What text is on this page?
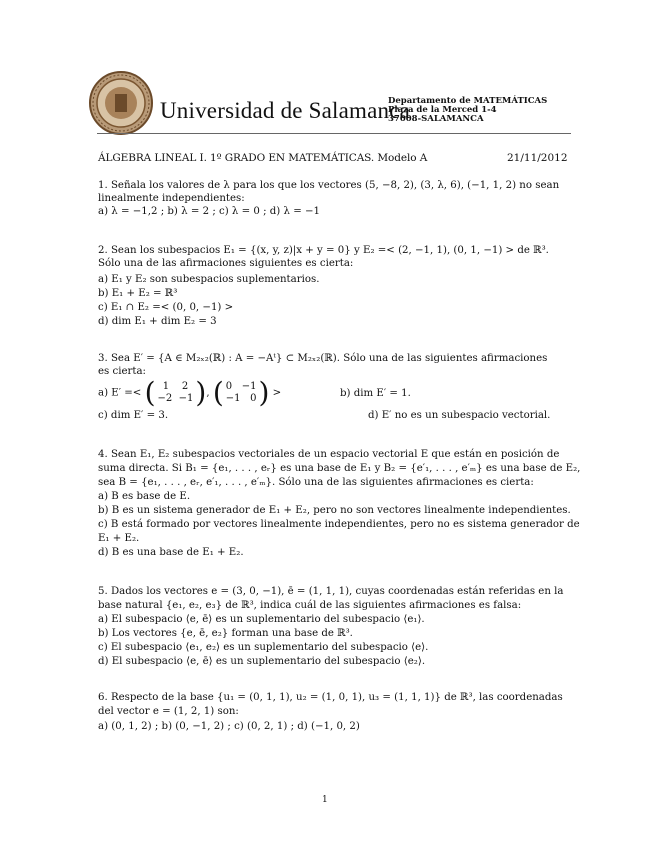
Universidad de Salamanca
Departamento de MATEMÁTICAS
Plaza de la Merced 1-4
37008-SALAMANCA
ÁLGEBRA LINEAL I. 1º GRADO EN MATEMÁTICAS. Modelo A	21/11/2012
1. Señala los valores de λ para los que los vectores (5, −8, 2), (3, λ, 6), (−1, 1, 2) no sean
linealmente independientes:
a) λ = −1,2 ; b) λ = 2 ; c) λ = 0 ; d) λ = −1
2. Sean los subespacios E₁ = {(x, y, z)|x + y = 0} y E₂ =< (2, −1, 1), (0, 1, −1) > de ℝ³.
Sólo una de las afirmaciones siguientes es cierta:
a) E₁ y E₂ son subespacios suplementarios.
b) E₁ + E₂ = ℝ³
c) E₁ ∩ E₂ =< (0, 0, −1) >
d) dim E₁ + dim E₂ = 3
3. Sea E′ = {A ∈ M₂ₓ₂(ℝ) : A = −Aᵗ} ⊂ M₂ₓ₂(ℝ). Sólo una de las siguientes afirmaciones
es cierta:
a) E′ =< ( 1 2
−2 −1), ( 0 −1
−1 0) >	b) dim E′ = 1.
c) dim E′ = 3.	d) E′ no es un subespacio vectorial.
4. Sean E₁, E₂ subespacios vectoriales de un espacio vectorial E que están en posición de
suma directa. Si B₁ = {e₁, . . . , eᵣ} es una base de E₁ y B₂ = {e′₁, . . . , e′ₘ} es una base de E₂,
sea B = {e₁, . . . , eᵣ, e′₁, . . . , e′ₘ}. Sólo una de las siguientes afirmaciones es cierta:
a) B es base de E.
b) B es un sistema generador de E₁ + E₂, pero no son vectores linealmente independientes.
c) B está formado por vectores linealmente independientes, pero no es sistema generador de
E₁ + E₂.
d) B es una base de E₁ + E₂.
5. Dados los vectores e = (3, 0, −1), ē = (1, 1, 1), cuyas coordenadas están referidas en la
base natural {e₁, e₂, e₃} de ℝ³, indica cuál de las siguientes afirmaciones es falsa:
a) El subespacio ⟨e, ē⟩ es un suplementario del subespacio ⟨e₁⟩.
b) Los vectores {e, ē, e₂} forman una base de ℝ³.
c) El subespacio ⟨e₁, e₂⟩ es un suplementario del subespacio ⟨e⟩.
d) El subespacio ⟨e, ē⟩ es un suplementario del subespacio ⟨e₂⟩.
6. Respecto de la base {u₁ = (0, 1, 1), u₂ = (1, 0, 1), u₃ = (1, 1, 1)} de ℝ³, las coordenadas
del vector e = (1, 2, 1) son:
a) (0, 1, 2) ; b) (0, −1, 2) ; c) (0, 2, 1) ; d) (−1, 0, 2)
1
